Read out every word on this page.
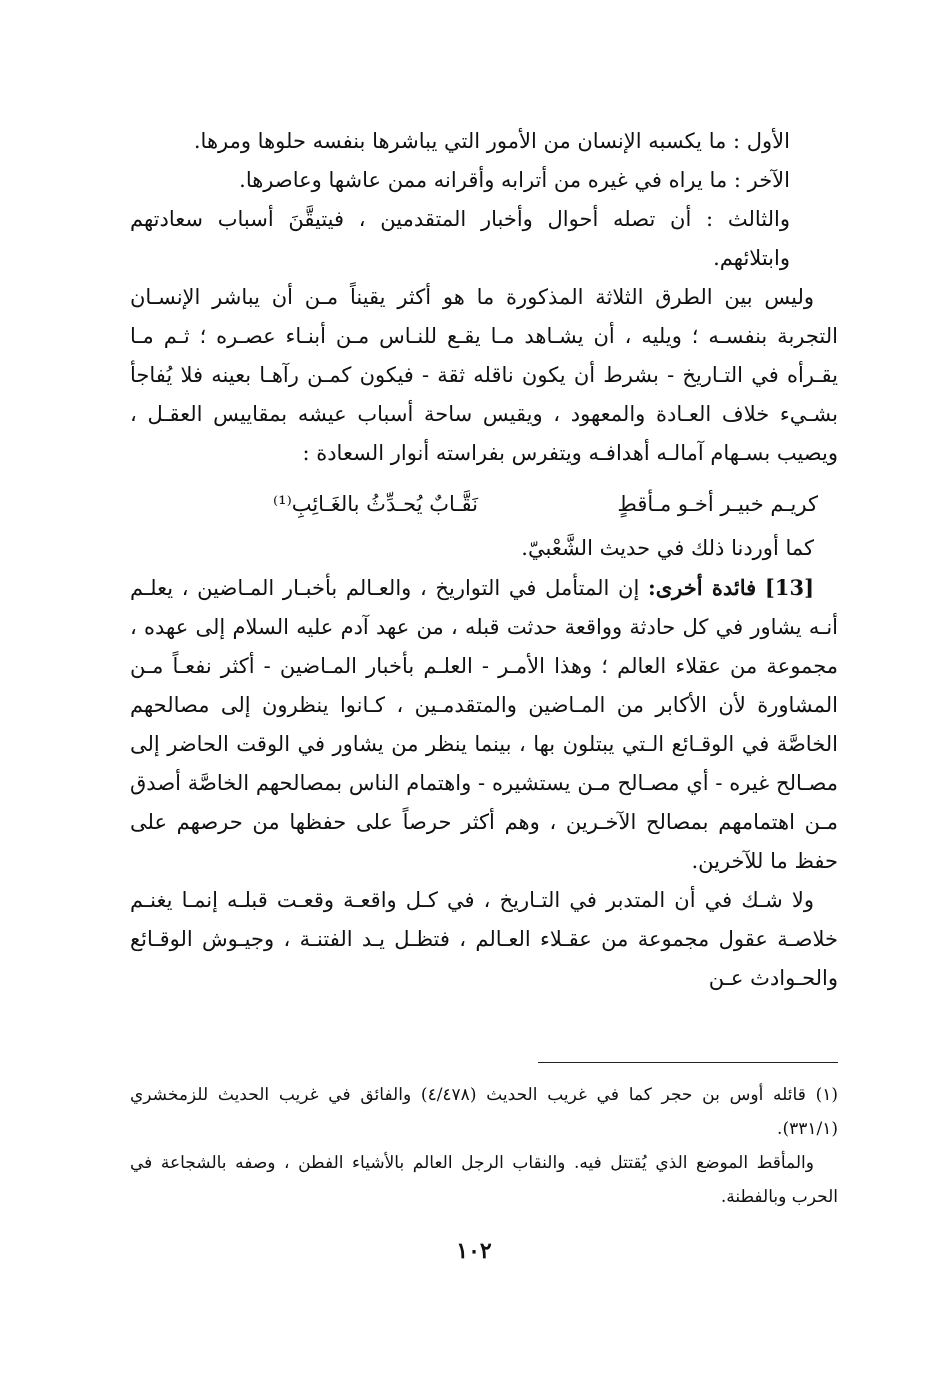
الأول : ما يكسبه الإنسان من الأمور التي يباشرها بنفسه حلوها ومرها.

الآخر : ما يراه في غيره من أترابه وأقرانه ممن عاشها وعاصرها.

والثالث : أن تصله أحوال وأخبار المتقدمين ، فيتيقَّنَ أسباب سعادتهم وابتلائهم.

وليس بين الطرق الثلاثة المذكورة ما هو أكثر يقيناً مـن أن يباشر الإنسـان التجربة بنفسـه ؛ ويليه ، أن يشـاهد مـا يقـع للنـاس مـن أبنـاء عصـره ؛ ثـم مـا يقـرأه في التـاريخ - بشرط أن يكون ناقله ثقة - فيكون كمـن رآهـا بعينه فلا يُفاجأ بشـيء خلاف العـادة والمعهود ، ويقيس ساحة أسباب عيشه بمقاييس العقـل ، ويصيب بسـهام آمالـه أهدافـه ويتفرس بفراسته أنوار السعادة :

كريـم خبيـر أخـو مـأقطٍ
نَقَّـابٌ يُحـدِّثُ بالغَـائِبِ⁽¹⁾

كما أوردنا ذلك في حديث الشَّعْبيّ.

[13] فائدة أخرى: إن المتأمل في التواريخ ، والعـالم بأخبـار المـاضين ، يعلـم أنـه يشاور في كل حادثة وواقعة حدثت قبله ، من عهد آدم عليه السلام إلى عهده ، مجموعة من عقلاء العالم ؛ وهذا الأمـر - العلـم بأخبار المـاضين - أكثر نفعـاً مـن المشاورة لأن الأكابر من المـاضين والمتقدمـين ، كـانوا ينظرون إلى مصالحهم الخاصَّة في الوقـائع الـتي يبتلون بها ، بينما ينظر من يشاور في الوقت الحاضر إلى مصـالح غيره - أي مصـالح مـن يستشيره - واهتمام الناس بمصالحهم الخاصَّة أصدق مـن اهتمامهم بمصالح الآخـرين ، وهم أكثر حرصاً على حفظها من حرصهم على حفظ ما للآخرين.

ولا شـك في أن المتدبر في التـاريخ ، في كـل واقعـة وقعـت قبلـه إنمـا يغنـم خلاصـة عقول مجموعة من عقـلاء العـالم ، فتظـل يـد الفتنـة ، وجيـوش الوقـائع والحـوادث عـن

(١) قائله أوس بن حجر كما في غريب الحديث (٤/٤٧٨) والفائق في غريب الحديث للزمخشري (٣٣١/١).

والمأقط الموضع الذي يُقتتل فيه. والنقاب الرجل العالم بالأشياء الفطن ، وصفه بالشجاعة في الحرب وبالفطنة.

١٠٢
